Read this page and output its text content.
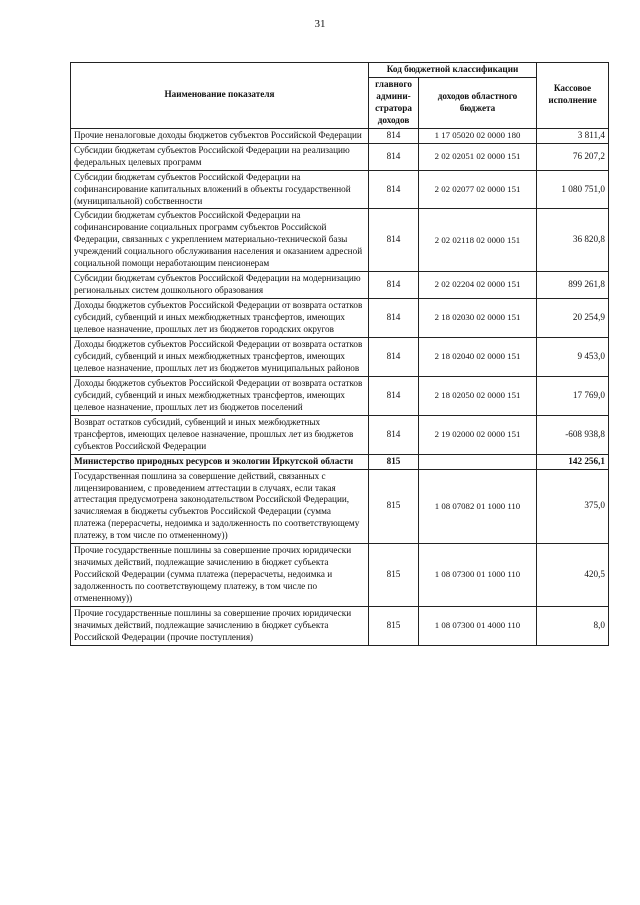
31
Наименование показателя	Код бюджетной классификации		Кассовое исполнение
	главного админи-стратора доходов	доходов областного бюджета	
Прочие неналоговые доходы бюджетов субъектов Российской Федерации	814	1 17 05020 02 0000 180	3 811,4
Субсидии бюджетам субъектов Российской Федерации на реализацию федеральных целевых программ	814	2 02 02051 02 0000 151	76 207,2
Субсидии бюджетам субъектов Российской Федерации на софинансирование капитальных вложений в объекты государственной (муниципальной) собственности	814	2 02 02077 02 0000 151	1 080 751,0
Субсидии бюджетам субъектов Российской Федерации на софинансирование социальных программ субъектов Российской Федерации, связанных с укреплением материально-технической базы учреждений социального обслуживания населения и оказанием адресной социальной помощи неработающим пенсионерам	814	2 02 02118 02 0000 151	36 820,8
Субсидии бюджетам субъектов Российской Федерации на модернизацию региональных систем дошкольного образования	814	2 02 02204 02 0000 151	899 261,8
Доходы бюджетов субъектов Российской Федерации от возврата остатков субсидий, субвенций и иных межбюджетных трансфертов, имеющих целевое назначение, прошлых лет из бюджетов городских округов	814	2 18 02030 02 0000 151	20 254,9
Доходы бюджетов субъектов Российской Федерации от возврата остатков субсидий, субвенций и иных межбюджетных трансфертов, имеющих целевое назначение, прошлых лет из бюджетов муниципальных районов	814	2 18 02040 02 0000 151	9 453,0
Доходы бюджетов субъектов Российской Федерации от возврата остатков субсидий, субвенций и иных межбюджетных трансфертов, имеющих целевое назначение, прошлых лет из бюджетов поселений	814	2 18 02050 02 0000 151	17 769,0
Возврат остатков субсидий, субвенций и иных межбюджетных трансфертов, имеющих целевое назначение, прошлых лет из бюджетов субъектов Российской Федерации	814	2 19 02000 02 0000 151	-608 938,8
Министерство природных ресурсов и экологии Иркутской области	815		142 256,1
Государственная пошлина за совершение действий, связанных с лицензированием, с проведением аттестации в случаях, если такая аттестация предусмотрена законодательством Российской Федерации, зачисляемая в бюджеты субъектов Российской Федерации (сумма платежа (перерасчеты, недоимка и задолженность по соответствующему платежу, в том числе по отмененному))	815	1 08 07082 01 1000 110	375,0
Прочие государственные пошлины за совершение прочих юридически значимых действий, подлежащие зачислению в бюджет субъекта Российской Федерации (сумма платежа (перерасчеты, недоимка и задолженность по соответствующему платежу, в том числе по отмененному))	815	1 08 07300 01 1000 110	420,5
Прочие государственные пошлины за совершение прочих юридически значимых действий, подлежащие зачислению в бюджет субъекта Российской Федерации (прочие поступления)	815	1 08 07300 01 4000 110	8,0
